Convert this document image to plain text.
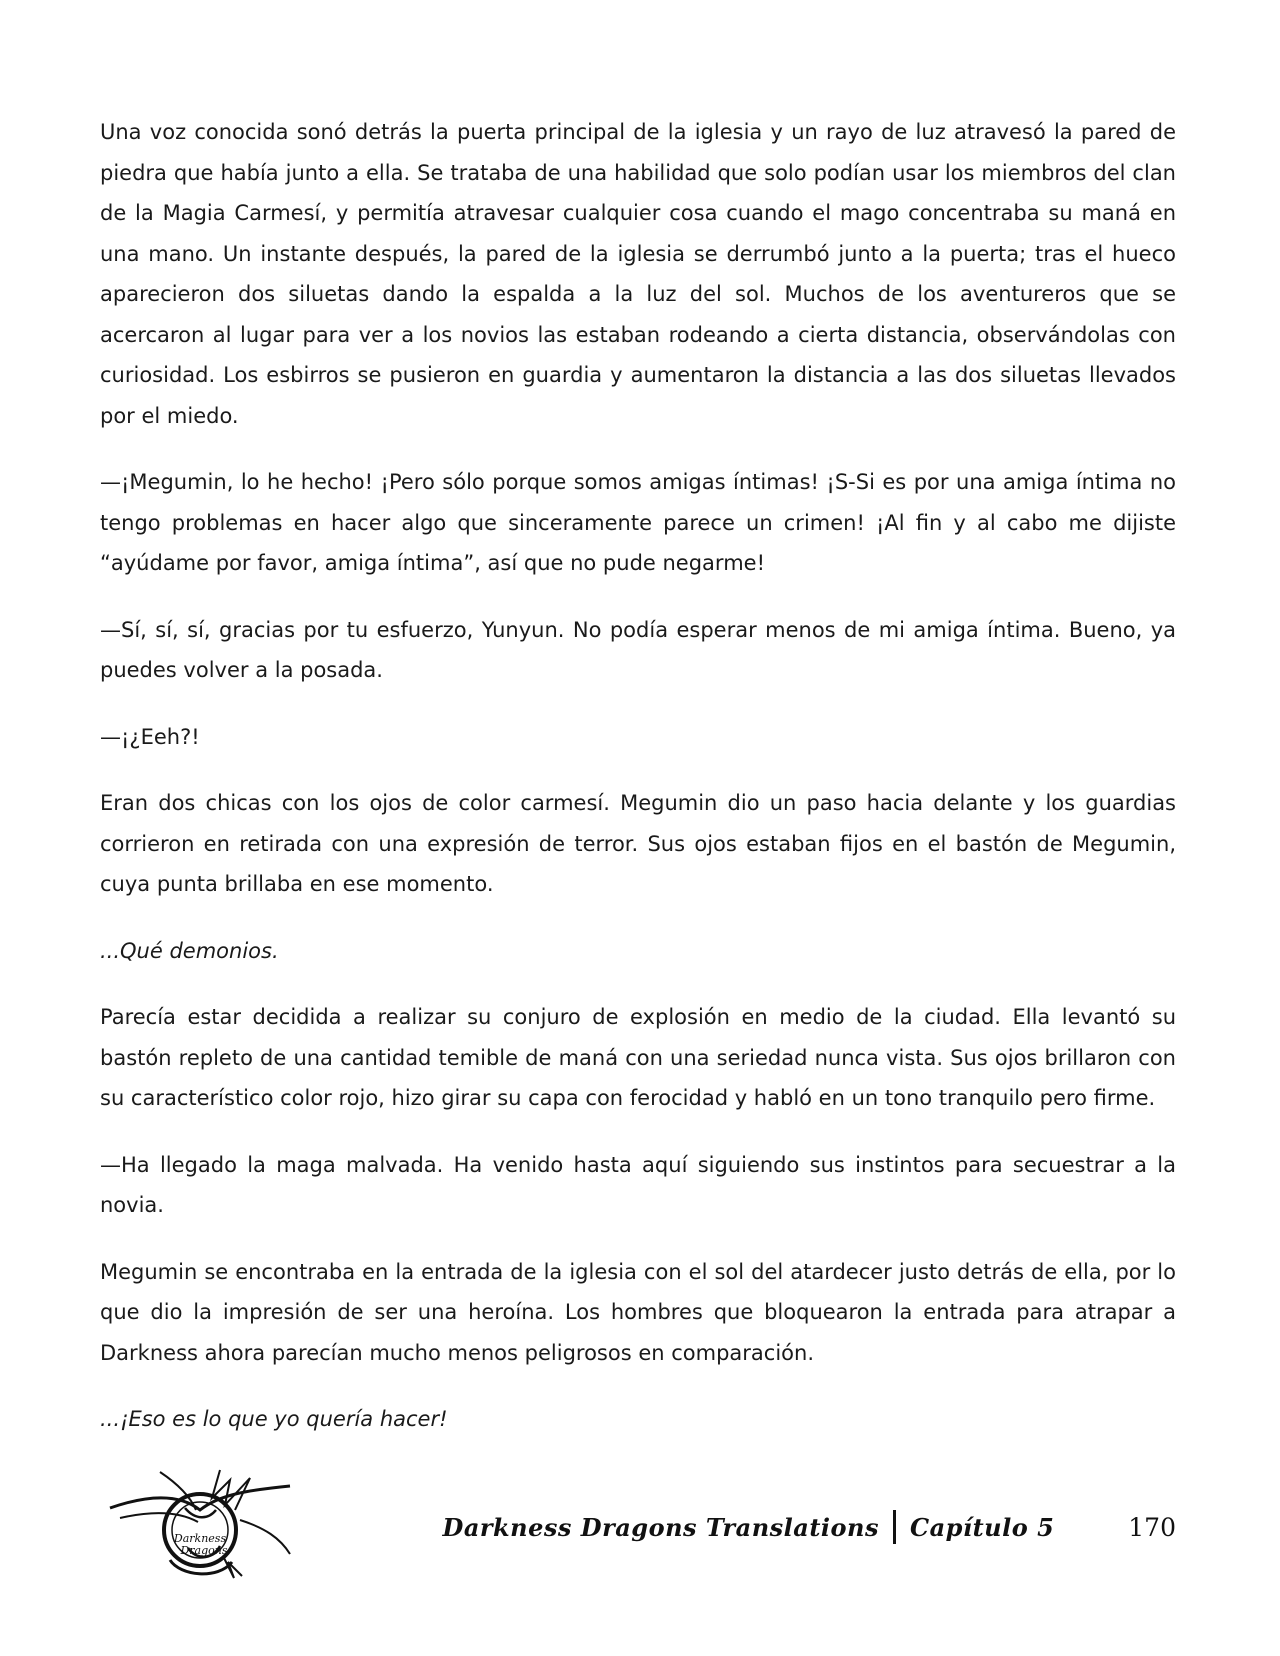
Una voz conocida sonó detrás la puerta principal de la iglesia y un rayo de luz atravesó la pared de piedra que había junto a ella. Se trataba de una habilidad que solo podían usar los miembros del clan de la Magia Carmesí, y permitía atravesar cualquier cosa cuando el mago concentraba su maná en una mano. Un instante después, la pared de la iglesia se derrumbó junto a la puerta; tras el hueco aparecieron dos siluetas dando la espalda a la luz del sol. Muchos de los aventureros que se acercaron al lugar para ver a los novios las estaban rodeando a cierta distancia, observándolas con curiosidad. Los esbirros se pusieron en guardia y aumentaron la distancia a las dos siluetas llevados por el miedo.

—¡Megumin, lo he hecho! ¡Pero sólo porque somos amigas íntimas! ¡S-Si es por una amiga íntima no tengo problemas en hacer algo que sinceramente parece un crimen! ¡Al fin y al cabo me dijiste “ayúdame por favor, amiga íntima”, así que no pude negarme!

—Sí, sí, sí, gracias por tu esfuerzo, Yunyun. No podía esperar menos de mi amiga íntima. Bueno, ya puedes volver a la posada.

—¡¿Eeh?!

Eran dos chicas con los ojos de color carmesí. Megumin dio un paso hacia delante y los guardias corrieron en retirada con una expresión de terror. Sus ojos estaban fijos en el bastón de Megumin, cuya punta brillaba en ese momento.

...Qué demonios.

Parecía estar decidida a realizar su conjuro de explosión en medio de la ciudad. Ella levantó su bastón repleto de una cantidad temible de maná con una seriedad nunca vista. Sus ojos brillaron con su característico color rojo, hizo girar su capa con ferocidad y habló en un tono tranquilo pero firme.

—Ha llegado la maga malvada. Ha venido hasta aquí siguiendo sus instintos para secuestrar a la novia.

Megumin se encontraba en la entrada de la iglesia con el sol del atardecer justo detrás de ella, por lo que dio la impresión de ser una heroína. Los hombres que bloquearon la entrada para atrapar a Darkness ahora parecían mucho menos peligrosos en comparación.

...¡Eso es lo que yo quería hacer!

Darkness
Dragons
Darkness Dragons Translations Capítulo 5	170
